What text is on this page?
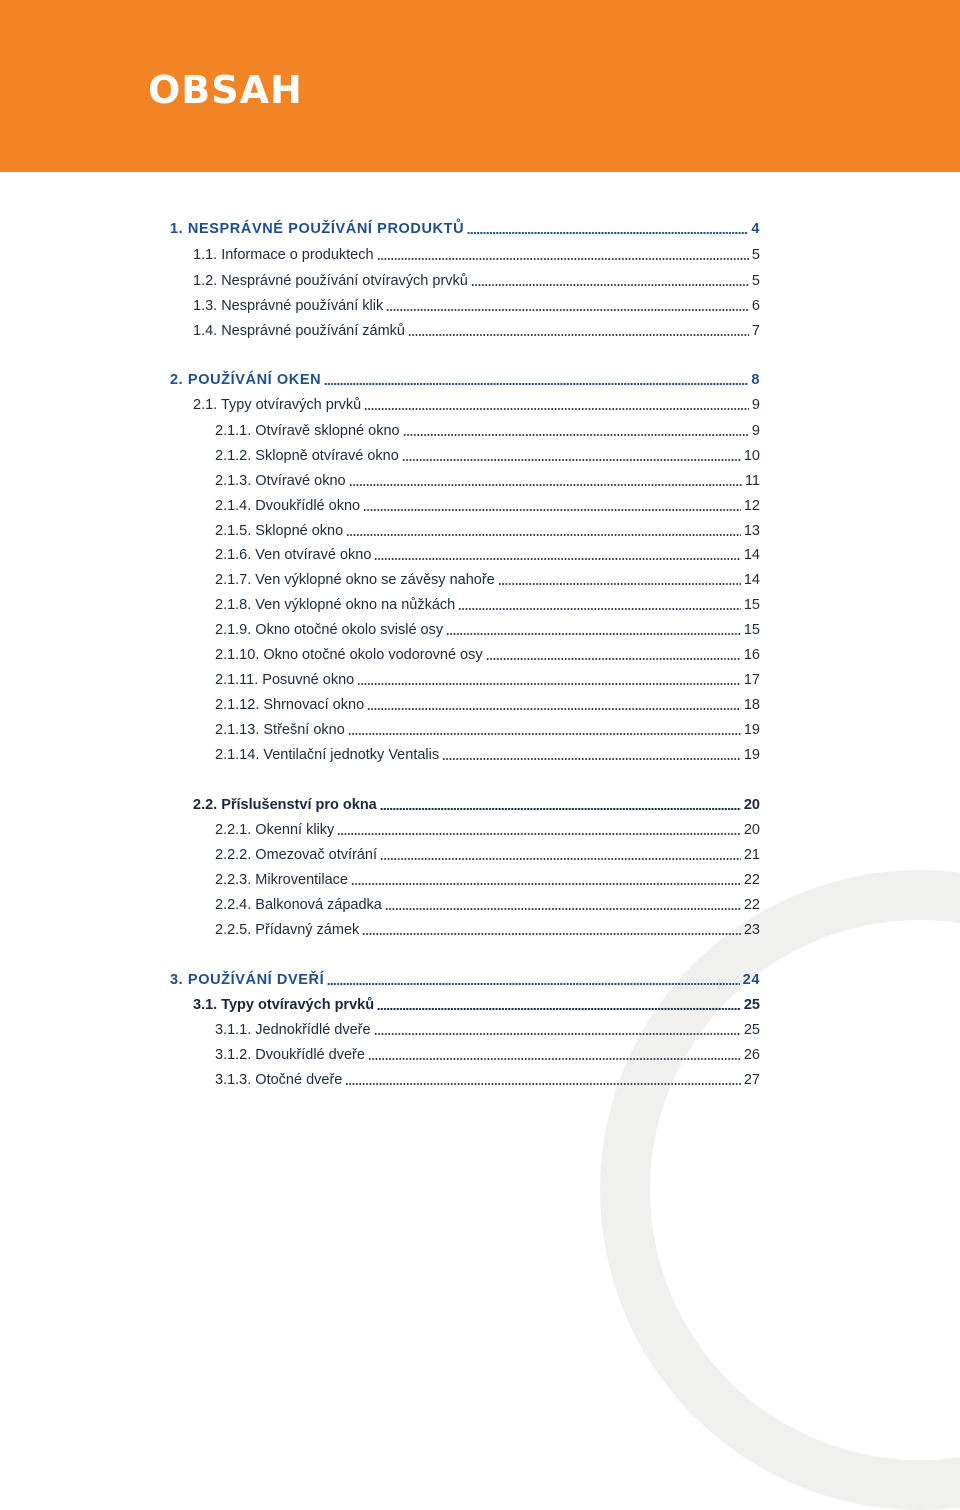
OBSAH
1. NESPRÁVNÉ POUŽÍVÁNÍ PRODUKTŮ	4
1.1. Informace o produktech	5
1.2. Nesprávné používání otvíravých prvků	5
1.3. Nesprávné používání klik	6
1.4. Nesprávné používání zámků	7
2. POUŽÍVÁNÍ OKEN	8
2.1. Typy otvíravých prvků	9
2.1.1. Otvíravě sklopné okno	9
2.1.2. Sklopně otvíravé okno	10
2.1.3. Otvíravé okno	11
2.1.4. Dvoukřídlé okno	12
2.1.5. Sklopné okno	13
2.1.6. Ven otvíravé okno	14
2.1.7. Ven výklopné okno se závěsy nahoře	14
2.1.8. Ven výklopné okno na nůžkách	15
2.1.9. Okno otočné okolo svislé osy	15
2.1.10. Okno otočné okolo vodorovné osy	16
2.1.11. Posuvné okno	17
2.1.12. Shrnovací okno	18
2.1.13. Střešní okno	19
2.1.14. Ventilační jednotky Ventalis	19
2.2. Příslušenství pro okna	20
2.2.1. Okenní kliky	20
2.2.2. Omezovač otvírání	21
2.2.3. Mikroventilace	22
2.2.4. Balkonová západka	22
2.2.5. Přídavný zámek	23
3. POUŽÍVÁNÍ DVEŘÍ	24
3.1. Typy otvíravých prvků	25
3.1.1. Jednokřídlé dveře	25
3.1.2. Dvoukřídlé dveře	26
3.1.3. Otočné dveře	27
